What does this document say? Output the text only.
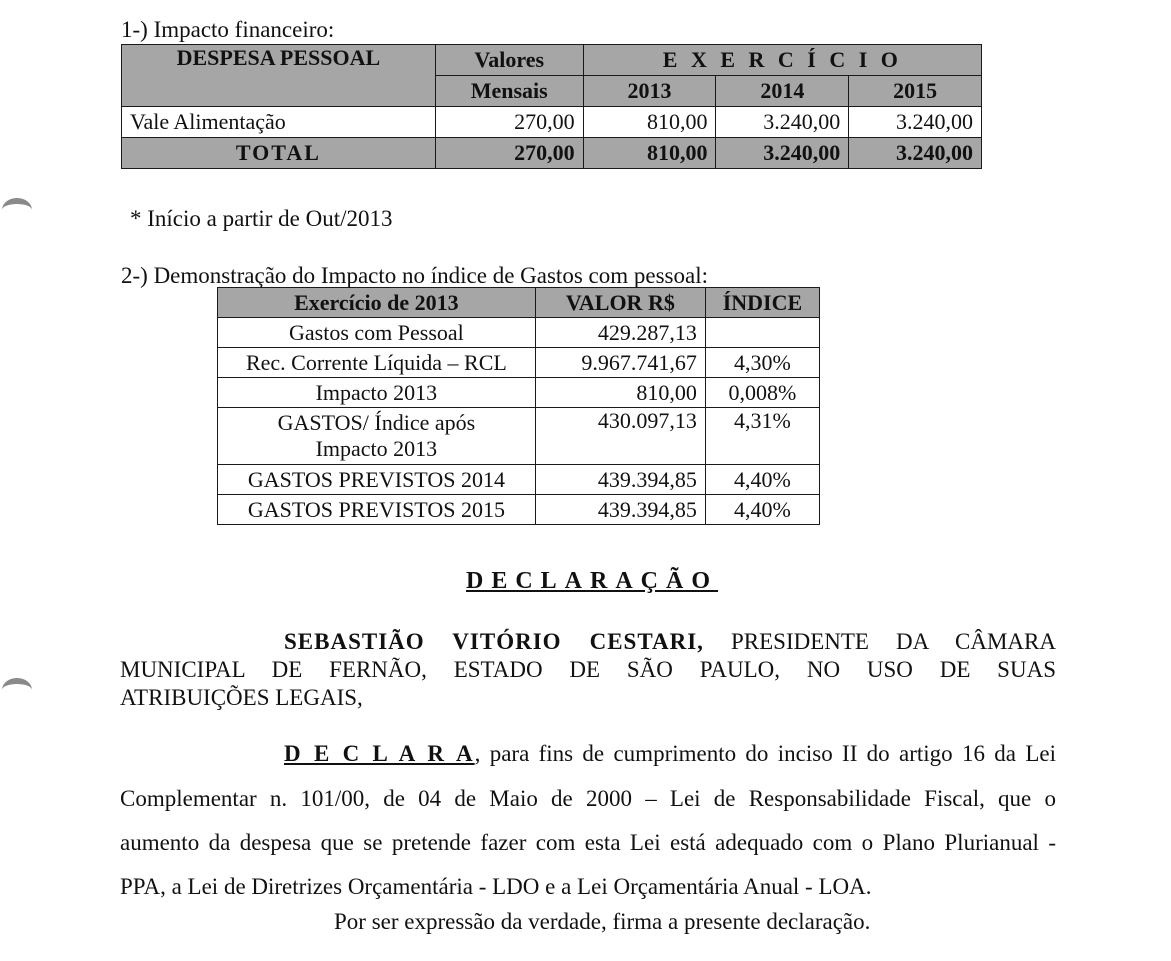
1-) Impacto financeiro:
DESPESA PESSOAL	Valores	E X E R C Í C I O		
	Mensais	2013	2014	2015
Vale Alimentação	270,00	810,00	3.240,00	3.240,00
TOTAL	270,00	810,00	3.240,00	3.240,00
* Início a partir de Out/2013
2-) Demonstração do Impacto no índice de Gastos com pessoal:
Exercício de 2013	VALOR R$	ÍNDICE
Gastos com Pessoal	429.287,13	
Rec. Corrente Líquida – RCL	9.967.741,67	4,30%
Impacto 2013	810,00	0,008%

GASTOS/ Índice após
Impacto 2013	430.097,13	4,31%
GASTOS PREVISTOS 2014	439.394,85	4,40%
GASTOS PREVISTOS 2015	439.394,85	4,40%
DECLARAÇÃO
SEBASTIÃO VITÓRIO CESTARI, PRESIDENTE DA CÂMARA
MUNICIPAL DE FERNÃO, ESTADO DE SÃO PAULO, NO USO DE SUAS
ATRIBUIÇÕES LEGAIS,
D E C L A R A, para fins de cumprimento do inciso II do artigo 16 da Lei
Complementar n. 101/00, de 04 de Maio de 2000 – Lei de Responsabilidade Fiscal, que o
aumento da despesa que se pretende fazer com esta Lei está adequado com o Plano Plurianual -
PPA, a Lei de Diretrizes Orçamentária - LDO e a Lei Orçamentária Anual - LOA.
Por ser expressão da verdade, firma a presente declaração.
